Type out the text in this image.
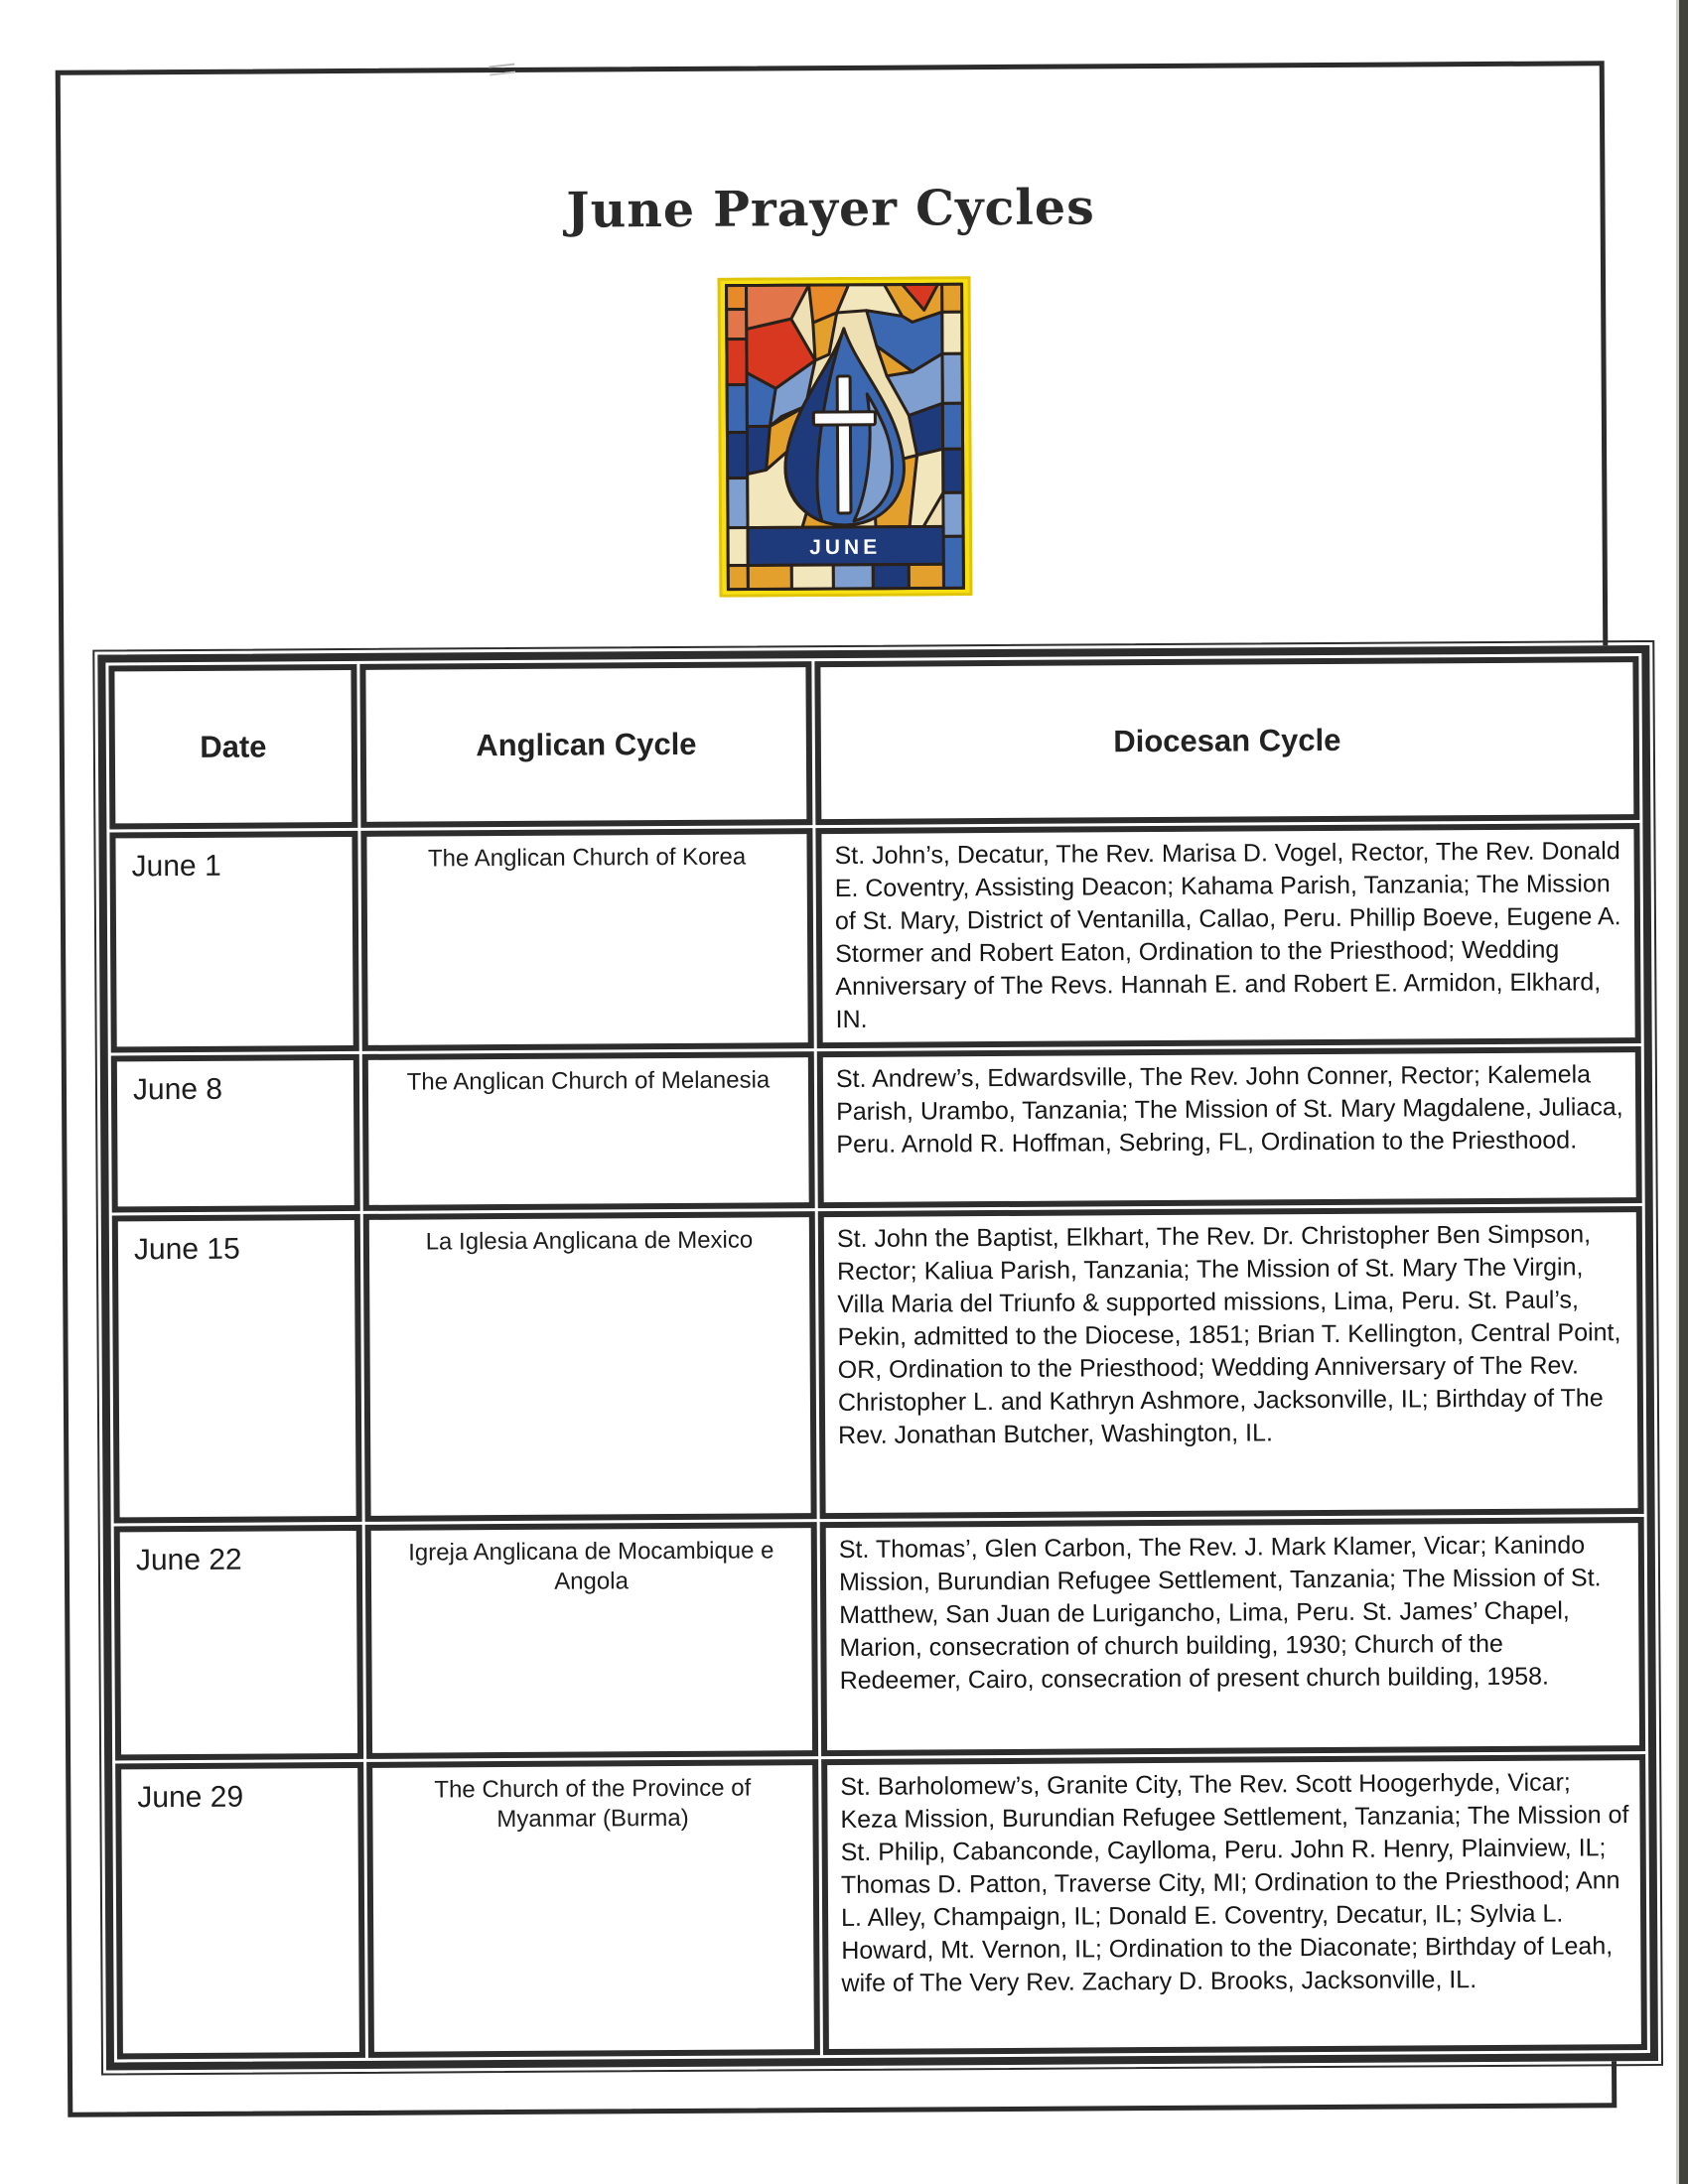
June Prayer Cycles
JUNE
Date	Anglican Cycle	Diocesan Cycle
June 1	The Anglican Church of Korea	St. John’s, Decatur, The Rev. Marisa D. Vogel, Rector, The Rev. Donald E. Coventry, Assisting Deacon; Kahama Parish, Tanzania; The Mission of St. Mary, District of Ventanilla, Callao, Peru. Phillip Boeve, Eugene A. Stormer and Robert Eaton, Ordination to the Priesthood; Wedding Anniversary of The Revs. Hannah E. and Robert E. Armidon, Elkhard, IN.
June 8	The Anglican Church of Melanesia	St. Andrew’s, Edwardsville, The Rev. John Conner, Rector; Kalemela Parish, Urambo, Tanzania; The Mission of St. Mary Magdalene, Juliaca, Peru. Arnold R. Hoffman, Sebring, FL, Ordination to the Priesthood.
June 15	La Iglesia Anglicana de Mexico	St. John the Baptist, Elkhart, The Rev. Dr. Christopher Ben Simpson, Rector; Kaliua Parish, Tanzania; The Mission of St. Mary The Virgin, Villa Maria del Triunfo & supported missions, Lima, Peru. St. Paul’s, Pekin, admitted to the Diocese, 1851; Brian T. Kellington, Central Point, OR, Ordination to the Priesthood; Wedding Anniversary of The Rev. Christopher L. and Kathryn Ashmore, Jacksonville, IL; Birthday of The Rev. Jonathan Butcher, Washington, IL.
June 22	Igreja Anglicana de Mocambique e Angola	St. Thomas’, Glen Carbon, The Rev. J. Mark Klamer, Vicar; Kanindo Mission, Burundian Refugee Settlement, Tanzania; The Mission of St. Matthew, San Juan de Lurigancho, Lima, Peru. St. James’ Chapel, Marion, consecration of church building, 1930; Church of the Redeemer, Cairo, consecration of present church building, 1958.
June 29	The Church of the Province of Myanmar (Burma)	St. Barholomew’s, Granite City, The Rev. Scott Hoogerhyde, Vicar; Keza Mission, Burundian Refugee Settlement, Tanzania; The Mission of St. Philip, Cabanconde, Caylloma, Peru. John R. Henry, Plainview, IL; Thomas D. Patton, Traverse City, MI; Ordination to the Priesthood; Ann L. Alley, Champaign, IL; Donald E. Coventry, Decatur, IL; Sylvia L. Howard, Mt. Vernon, IL; Ordination to the Diaconate; Birthday of Leah, wife of The Very Rev. Zachary D. Brooks, Jacksonville, IL.
